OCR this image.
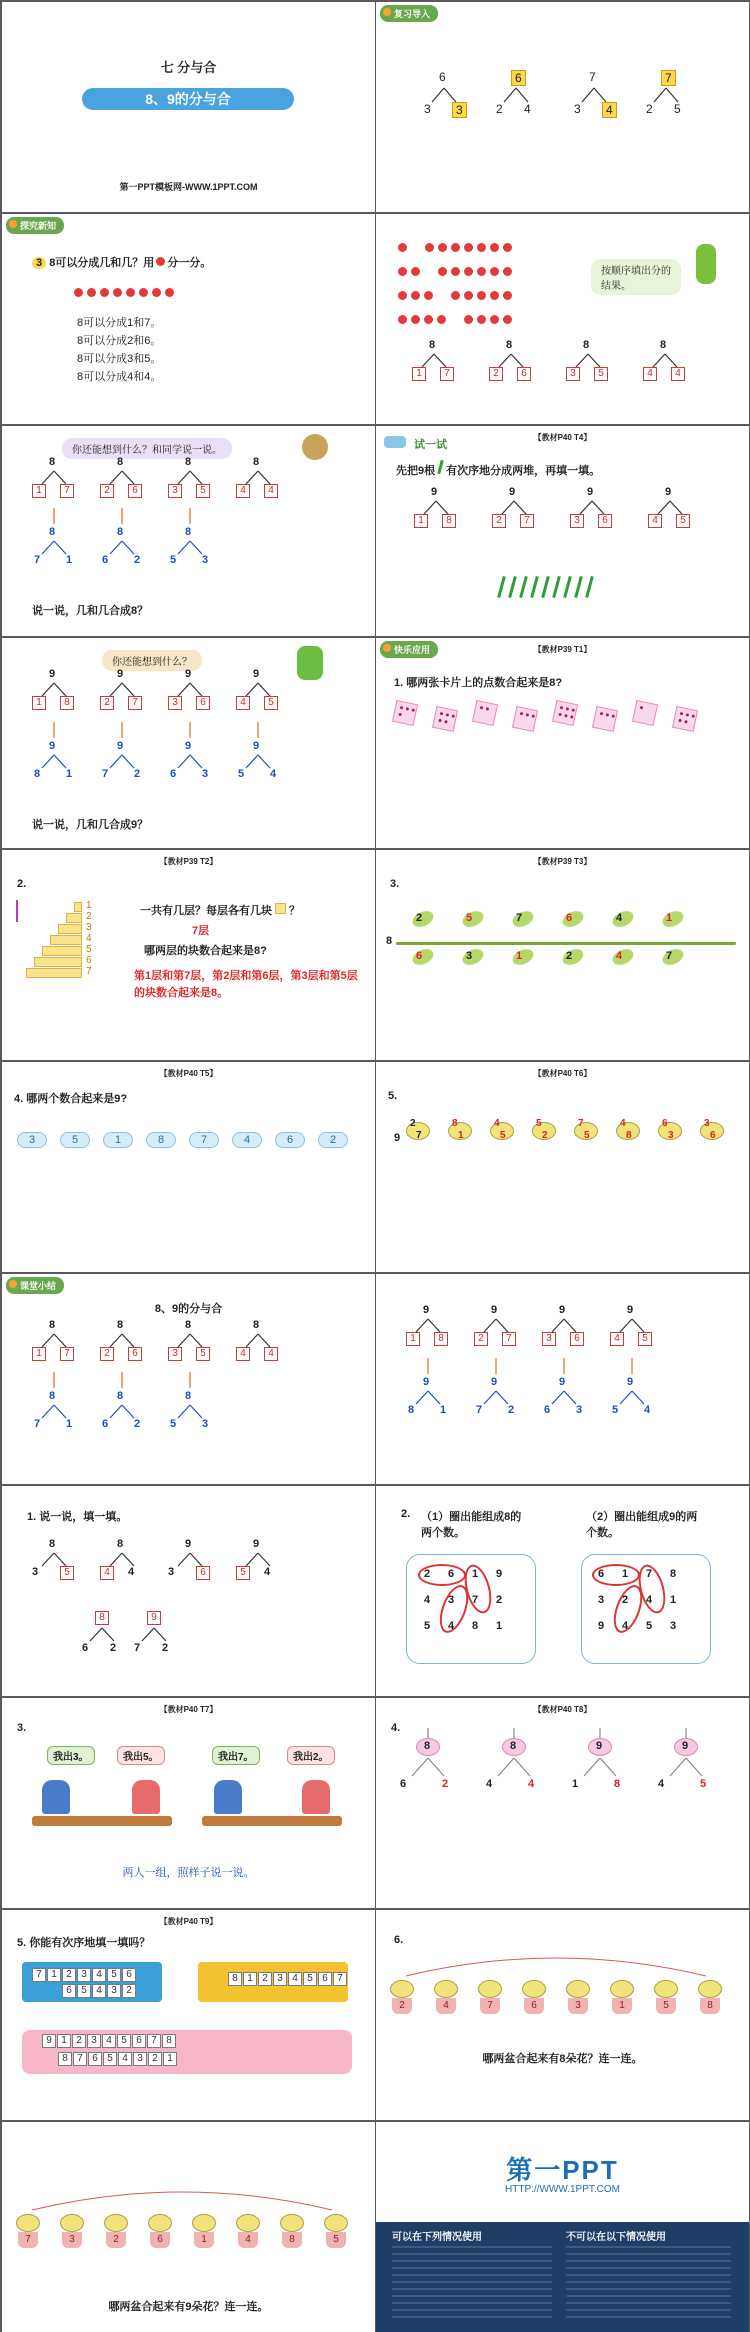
七 分与合
8、9的分与合
第一PPT模板网-WWW.1PPT.COM
复习导入
6
3	3
6
2 4
7
3	4
7
2 5
探究新知
3 8可以分成几和几？用 分一分。
8可以分成1和7。
8可以分成2和6。
8可以分成3和5。
8可以分成4和4。
按顺序填出分的结果。
8
1	7
8
2	6
8
3	5
8
4	4
你还能想到什么？和同学说一说。
8
1	7
8
2	6
8
3	5
8
4	4
8
7 1
8
6 2
8
5 3
说一说，几和几合成8？
【教材P40 T4】
试一试
先把9根 有次序地分成两堆，再填一填。
9
1	8
9
2	7
9
3	6
9
4	5
你还能想到什么？
9
1	8
9
2	7
9
3	6
9
4	5
9
8 1
9
7 2
9
6 3
9
5 4
说一说，几和几合成9？
快乐应用	【教材P39 T1】
1. 哪两张卡片上的点数合起来是8?
【教材P39 T2】
2.
1
2
3
4
5
6
7
一共有几层？每层各有几块 ？
7层
哪两层的块数合起来是8?
第1层和第7层，第2层和第6层，第3层和第5层的块数合起来是8。
【教材P39 T3】
3.
8
2	5	7	6	4	1
6	3	1	2	4	7
【教材P40 T5】
4. 哪两个数合起来是9?
3	5	1	8	7	4	6	2
【教材P40 T6】
5.
9
2
7
8
1
4
5
5
2
7
5
4
8
6
3
3
6
课堂小结
8、9的分与合
8
1	7
8
2	6
8
3	5
8
4	4
8
7 1
8
6 2
8
5 3
9
1	8
9
2	7
9
3	6
9
4	5
9
8 1
9
7 2
9
6 3
9
5 4
1. 说一说，填一填。
8
3	5
8
4	4
9
3	6
9
5	4
8
6 2
9
7 2
2. （1）圈出能组成8的两个数。
（2）圈出能组成9的两个数。
2 6 1 9
4 3 7 2
5 4 8 1
6 1 7 8
3 2 4 1
9 4 5 3
【教材P40 T7】
3.
我出3。	我出5。	我出7。	我出2。
两人一组，照样子说一说。
【教材P40 T8】
4.
8
6	2
8
4	4
9
1	8
9
4	5
【教材P40 T9】
5. 你能有次序地填一填吗？
7 1 2 3 4 5 6
6 5 4 3 2
8 1 2 3 4 5 6 7
9 1 2 3 4 5 6 7 8
8 7 6 5 4 3 2 1
6.
2	4	7	6	3	1	5	8
哪两盆合起来有8朵花？连一连。
7	3	2	6	1	4	8	5
哪两盆合起来有9朵花？连一连。
第一PPT
HTTP://WWW.1PPT.COM
可以在下列情况使用	不可以在以下情况使用
